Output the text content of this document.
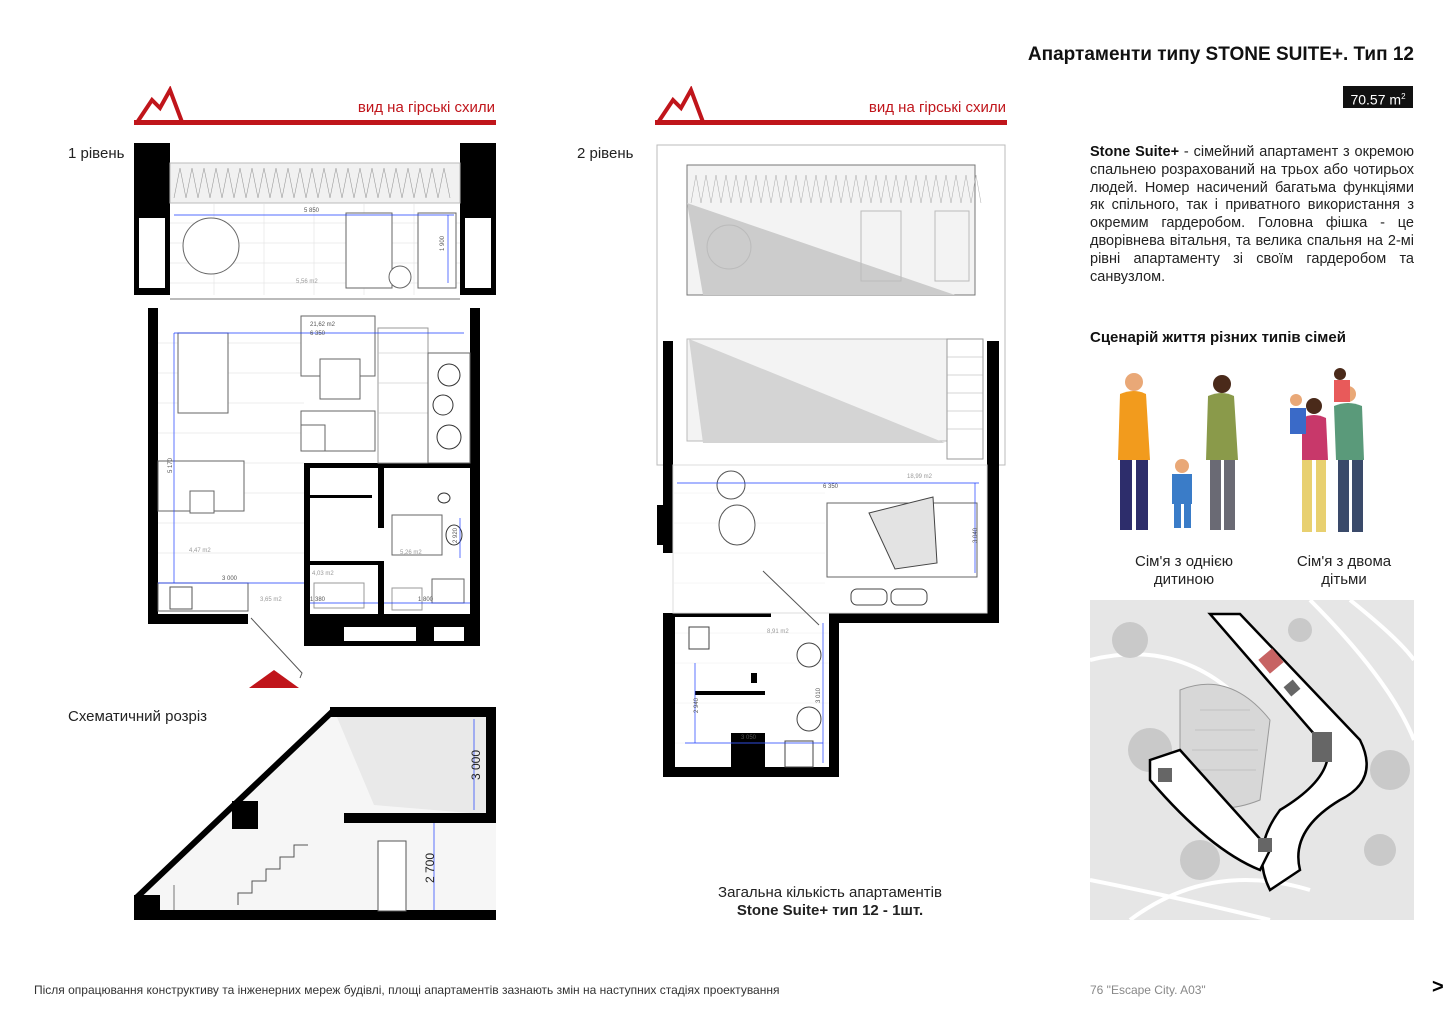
Апартаменти типу STONE SUITE+. Тип 12
70.57 $m^2$
вид на гірські схили	вид на гірські схили
1 рівень	2 рівень
5 850
1 900
5,56 m2
21,62 m2
6 350
5 170
3 000
1 380	1 800
2 920
4,47 m2
4,03 m2
5,26 m2
3,65 m2
6 350
18,99 m2
3 040
2 940
3 010
3 050
8,91 m2
Схематичний розріз
3 000
2 700
Загальна кількість апартаментів
Stone Suite+ тип 12 - 1шт.
Stone Suite+ - сімейний апартамент з окремою спальнею розрахований на трьох або чотирьох людей. Номер насичений багатьма функціями як спільного, так і приватного використання з окремим гардеробом. Головна фішка - це дворівнева вітальня, та велика спальня на 2-мі рівні апартаменту зі своїм гардеробом та санвузлом.
Сценарій життя різних типів сімей
Сім'я з однією дитиною
Сім'я з двома дітьми
Після опрацювання конструктиву та інженерних мереж будівлі, площі апартаментів зазнають змін на наступних стадіях проектування	76 "Escape City. A03"	>
